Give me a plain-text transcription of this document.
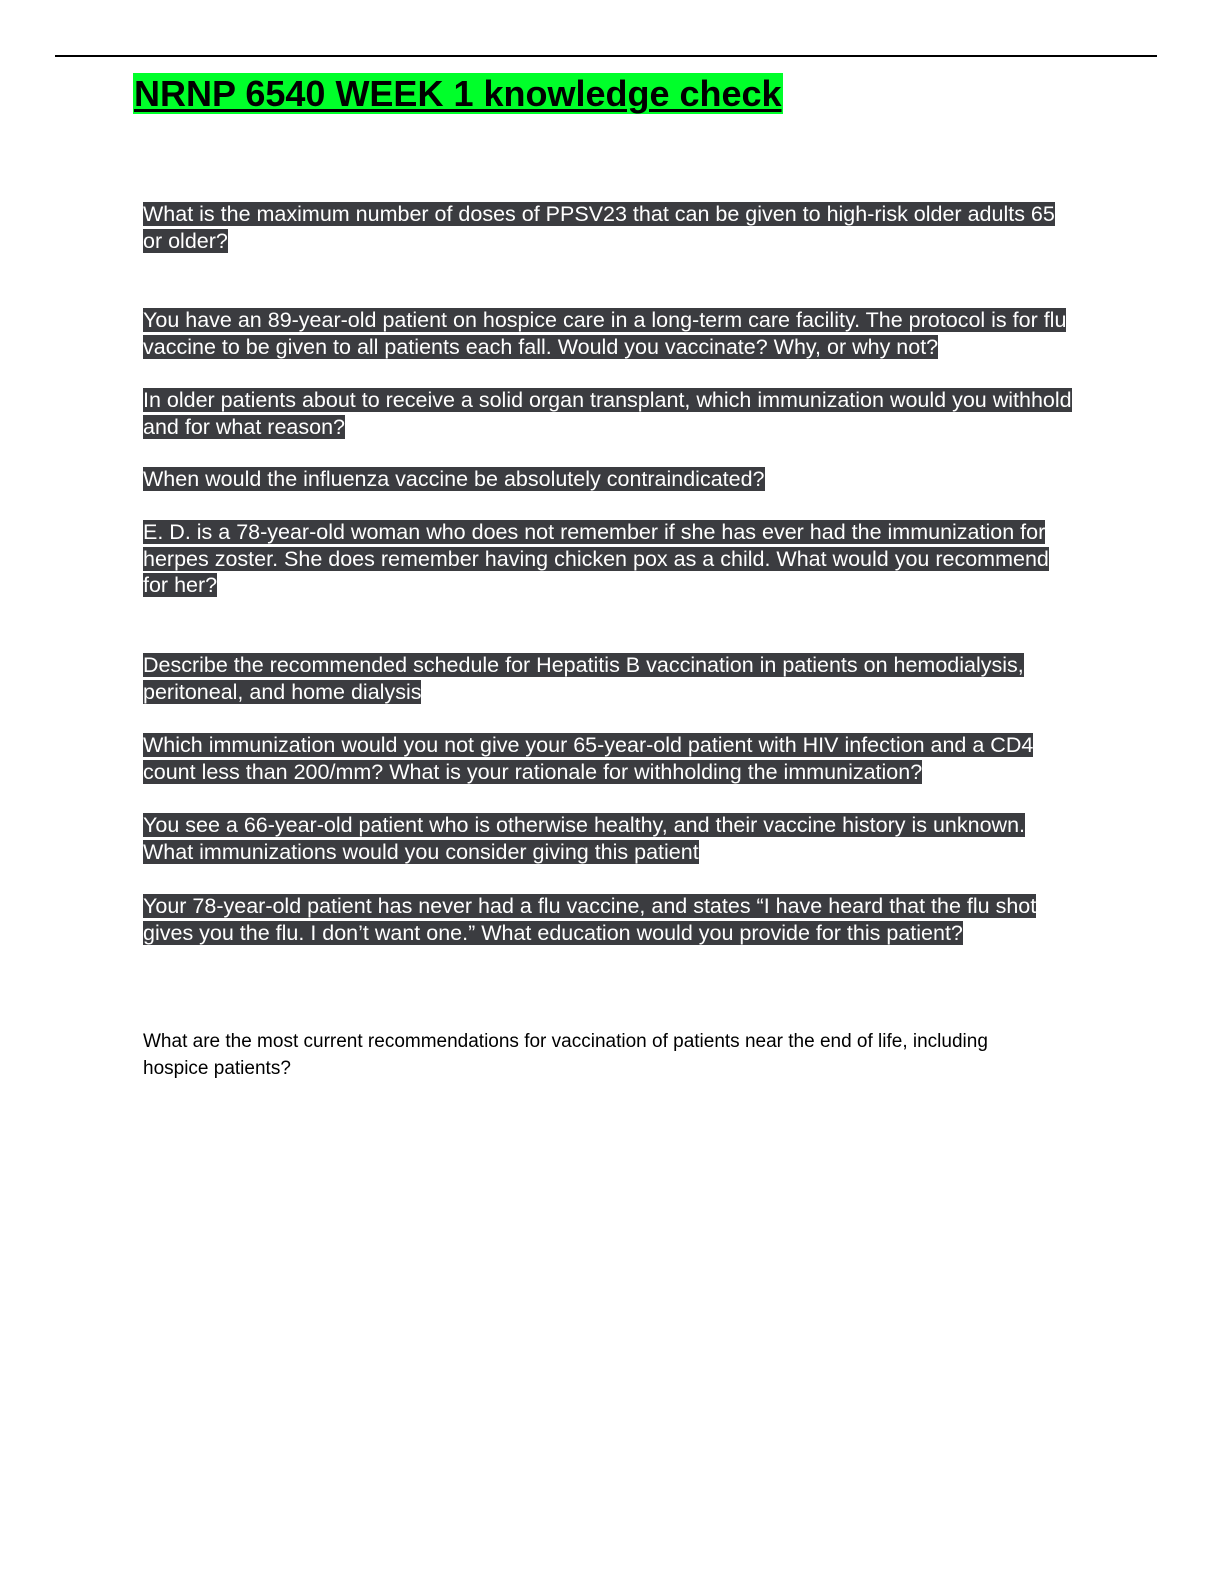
NRNP 6540 WEEK 1 knowledge check

What is the maximum number of doses of PPSV23 that can be given to high-risk older adults 65 or older?

You have an 89-year-old patient on hospice care in a long-term care facility. The protocol is for flu vaccine to be given to all patients each fall. Would you vaccinate? Why, or why not?

In older patients about to receive a solid organ transplant, which immunization would you withhold and for what reason?

When would the influenza vaccine be absolutely contraindicated?

E. D. is a 78-year-old woman who does not remember if she has ever had the immunization for herpes zoster. She does remember having chicken pox as a child. What would you recommend for her?

Describe the recommended schedule for Hepatitis B vaccination in patients on hemodialysis, peritoneal, and home dialysis

Which immunization would you not give your 65-year-old patient with HIV infection and a CD4 count less than 200/mm? What is your rationale for withholding the immunization?

You see a 66-year-old patient who is otherwise healthy, and their vaccine history is unknown. What immunizations would you consider giving this patient

Your 78-year-old patient has never had a flu vaccine, and states “I have heard that the flu shot gives you the flu. I don’t want one.” What education would you provide for this patient?

What are the most current recommendations for vaccination of patients near the end of life, including hospice patients?
